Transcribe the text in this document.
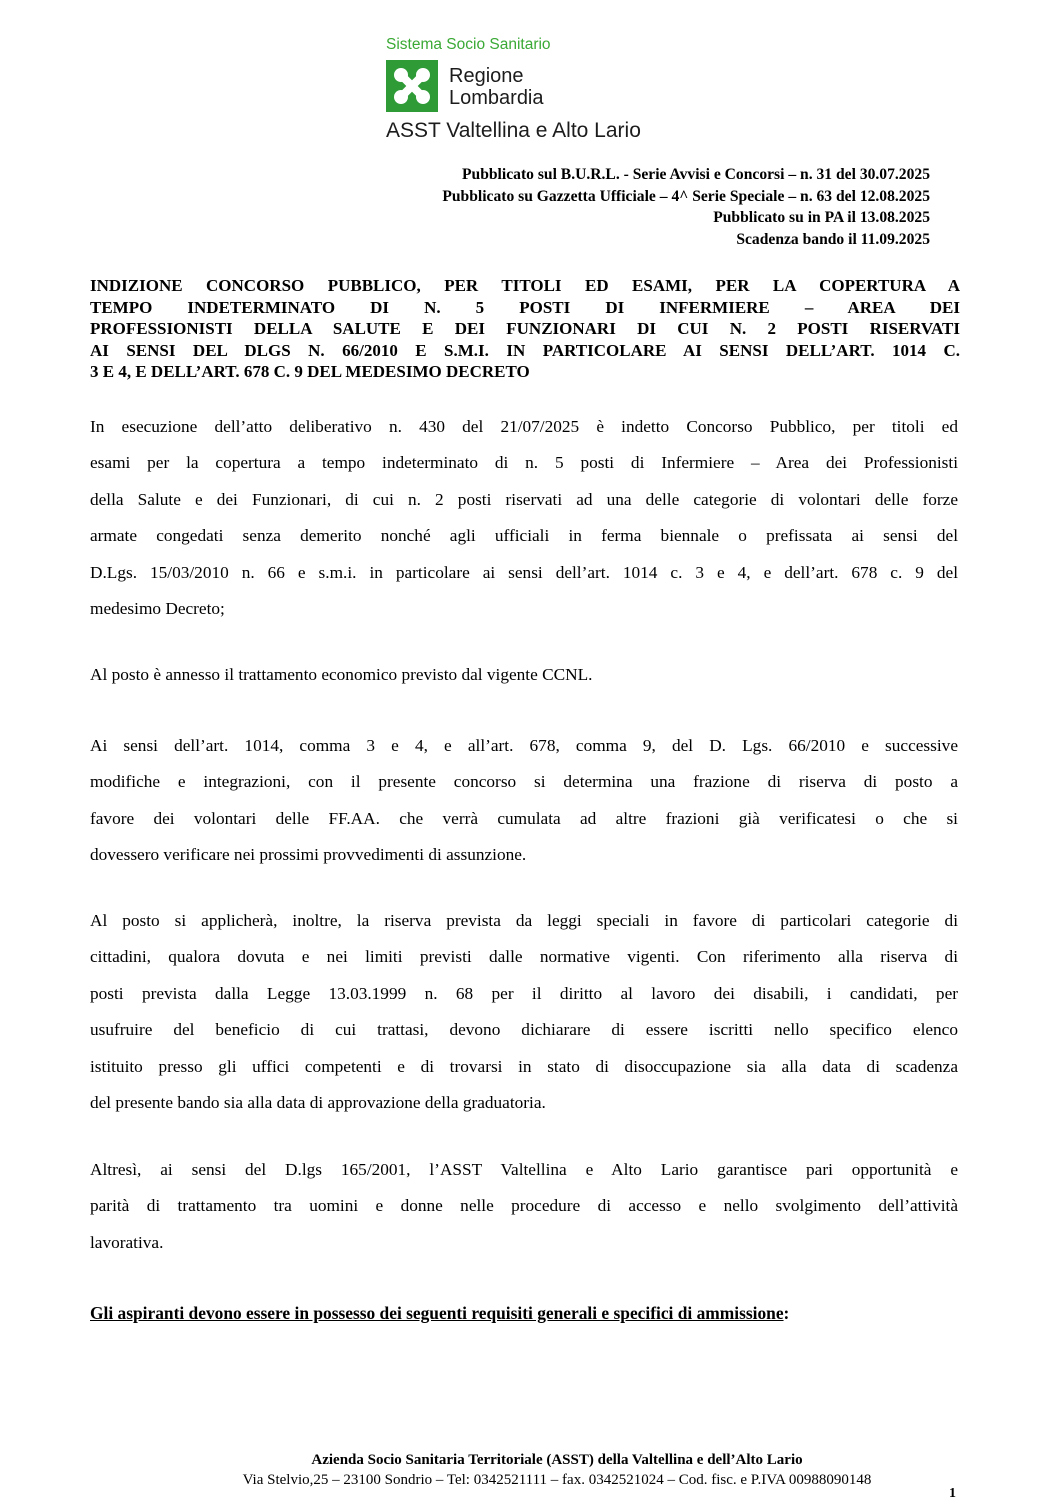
Sistema Socio Sanitario
Regione
Lombardia
ASST Valtellina e Alto Lario
Pubblicato sul B.U.R.L. - Serie Avvisi e Concorsi – n. 31 del 30.07.2025
Pubblicato su Gazzetta Ufficiale – 4^ Serie Speciale – n. 63 del 12.08.2025
Pubblicato su in PA il 13.08.2025
Scadenza bando il 11.09.2025
INDIZIONE CONCORSO PUBBLICO, PER TITOLI ED ESAMI, PER LA COPERTURA A
TEMPO INDETERMINATO DI N. 5 POSTI DI INFERMIERE – AREA DEI
PROFESSIONISTI DELLA SALUTE E DEI FUNZIONARI DI CUI N. 2 POSTI RISERVATI
AI SENSI DEL DLGS N. 66/2010 E S.M.I. IN PARTICOLARE AI SENSI DELL’ART. 1014 C.
3 E 4, E DELL’ART. 678 C. 9 DEL MEDESIMO DECRETO

In esecuzione dell’atto deliberativo n. 430 del 21/07/2025 è indetto Concorso Pubblico, per titoli ed
esami per la copertura a tempo indeterminato di n. 5 posti di Infermiere – Area dei Professionisti
della Salute e dei Funzionari, di cui n. 2 posti riservati ad una delle categorie di volontari delle forze
armate congedati senza demerito nonché agli ufficiali in ferma biennale o prefissata ai sensi del
D.Lgs. 15/03/2010 n. 66 e s.m.i. in particolare ai sensi dell’art. 1014 c. 3 e 4, e dell’art. 678 c. 9 del
medesimo Decreto;

Al posto è annesso il trattamento economico previsto dal vigente CCNL.

Ai sensi dell’art. 1014, comma 3 e 4, e all’art. 678, comma 9, del D. Lgs. 66/2010 e successive
modifiche e integrazioni, con il presente concorso si determina una frazione di riserva di posto a
favore dei volontari delle FF.AA. che verrà cumulata ad altre frazioni già verificatesi o che si
dovessero verificare nei prossimi provvedimenti di assunzione.

Al posto si applicherà, inoltre, la riserva prevista da leggi speciali in favore di particolari categorie di
cittadini, qualora dovuta e nei limiti previsti dalle normative vigenti. Con riferimento alla riserva di
posti prevista dalla Legge 13.03.1999 n. 68 per il diritto al lavoro dei disabili, i candidati, per
usufruire del beneficio di cui trattasi, devono dichiarare di essere iscritti nello specifico elenco
istituito presso gli uffici competenti e di trovarsi in stato di disoccupazione sia alla data di scadenza
del presente bando sia alla data di approvazione della graduatoria.

Altresì, ai sensi del D.lgs 165/2001, l’ASST Valtellina e Alto Lario garantisce pari opportunità e
parità di trattamento tra uomini e donne nelle procedure di accesso e nello svolgimento dell’attività
lavorativa.

Gli aspiranti devono essere in possesso dei seguenti requisiti generali e specifici di ammissione:
Azienda Socio Sanitaria Territoriale (ASST) della Valtellina e dell’Alto Lario
Via Stelvio,25 – 23100 Sondrio – Tel: 0342521111 – fax. 0342521024 – Cod. fisc. e P.IVA 00988090148
1
